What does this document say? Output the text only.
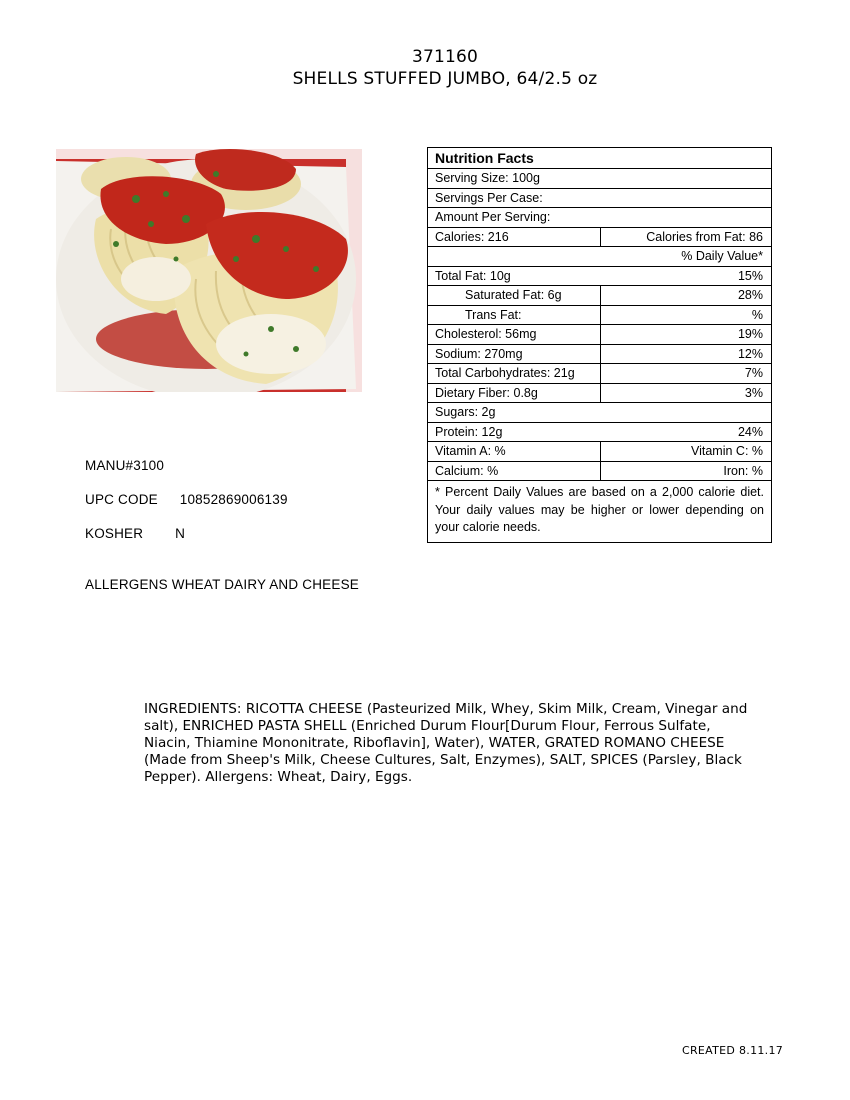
371160
SHELLS STUFFED JUMBO, 64/2.5 oz
Nutrition Facts
Serving Size: 100g
Servings Per Case:
Amount Per Serving:
Calories: 216	Calories from Fat: 86
% Daily Value*
Total Fat: 10g	15%
Saturated Fat: 6g	28%
Trans Fat:	%
Cholesterol: 56mg	19%
Sodium: 270mg	12%
Total Carbohydrates: 21g	7%
Dietary Fiber: 0.8g	3%
Sugars: 2g
Protein: 12g	24%
Vitamin A: %	Vitamin C: %
Calcium: %	Iron: %
* Percent Daily Values are based on a 2,000 calorie diet. Your daily values may be higher or lower depending on your calorie needs.
MANU#3100
UPC CODE 10852869006139
KOSHER N
ALLERGENS WHEAT DAIRY AND CHEESE
INGREDIENTS: RICOTTA CHEESE (Pasteurized Milk, Whey, Skim Milk, Cream, Vinegar and salt), ENRICHED PASTA SHELL (Enriched Durum Flour[Durum Flour, Ferrous Sulfate, Niacin, Thiamine Mononitrate, Riboflavin], Water), WATER, GRATED ROMANO CHEESE (Made from Sheep's Milk, Cheese Cultures, Salt, Enzymes), SALT, SPICES (Parsley, Black Pepper). Allergens: Wheat, Dairy, Eggs.
CREATED 8.11.17
